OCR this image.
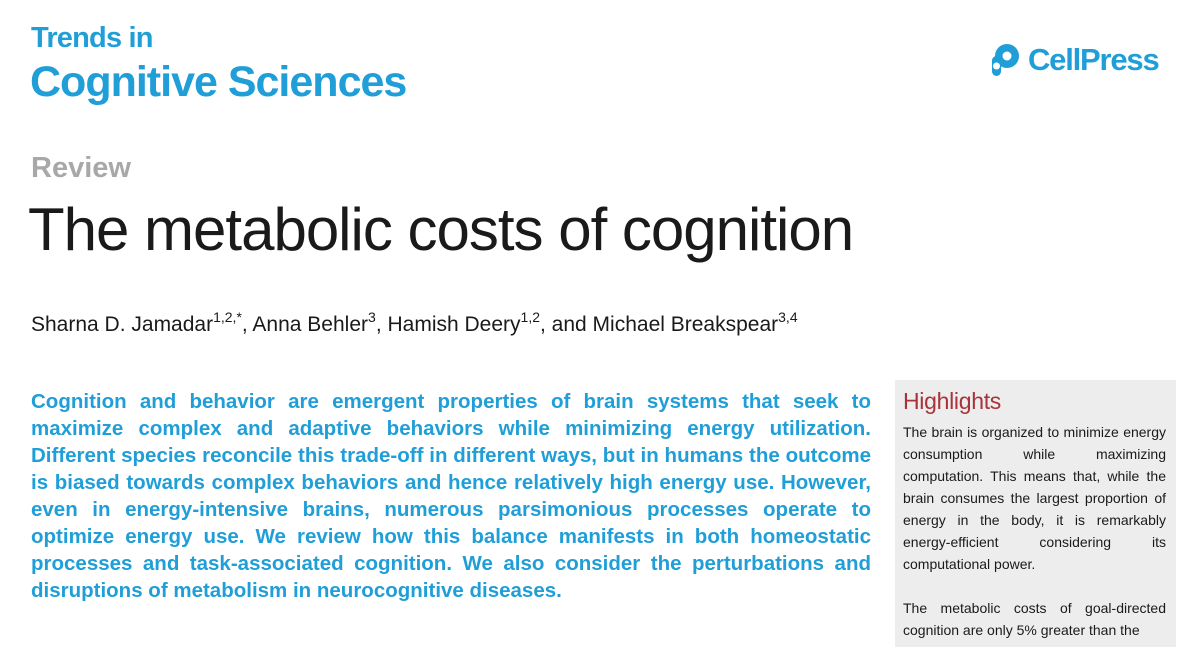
Trends in
Cognitive Sciences	CellPress
Review
The metabolic costs of cognition
Sharna D. Jamadar$^{1,2,*}$, Anna Behler$^3$, Hamish Deery$^{1,2}$, and Michael Breakspear$^{3,4}$
Cognition and behavior are emergent properties of brain systems that seek to maximize complex and adaptive behaviors while minimizing energy utilization. Different species reconcile this trade-off in different ways, but in humans the outcome is biased towards complex behaviors and hence relatively high energy use. However, even in energy-intensive brains, numerous parsimonious processes operate to optimize energy use. We review how this balance manifests in both homeostatic processes and task-associated cognition. We also consider the perturbations and disruptions of metabolism in neurocognitive diseases.
Highlights

The brain is organized to minimize energy consumption while maximizing computation. This means that, while the brain consumes the largest proportion of energy in the body, it is remarkably energy-efficient considering its computational power.

The metabolic costs of goal-directed cognition are only 5% greater than the
